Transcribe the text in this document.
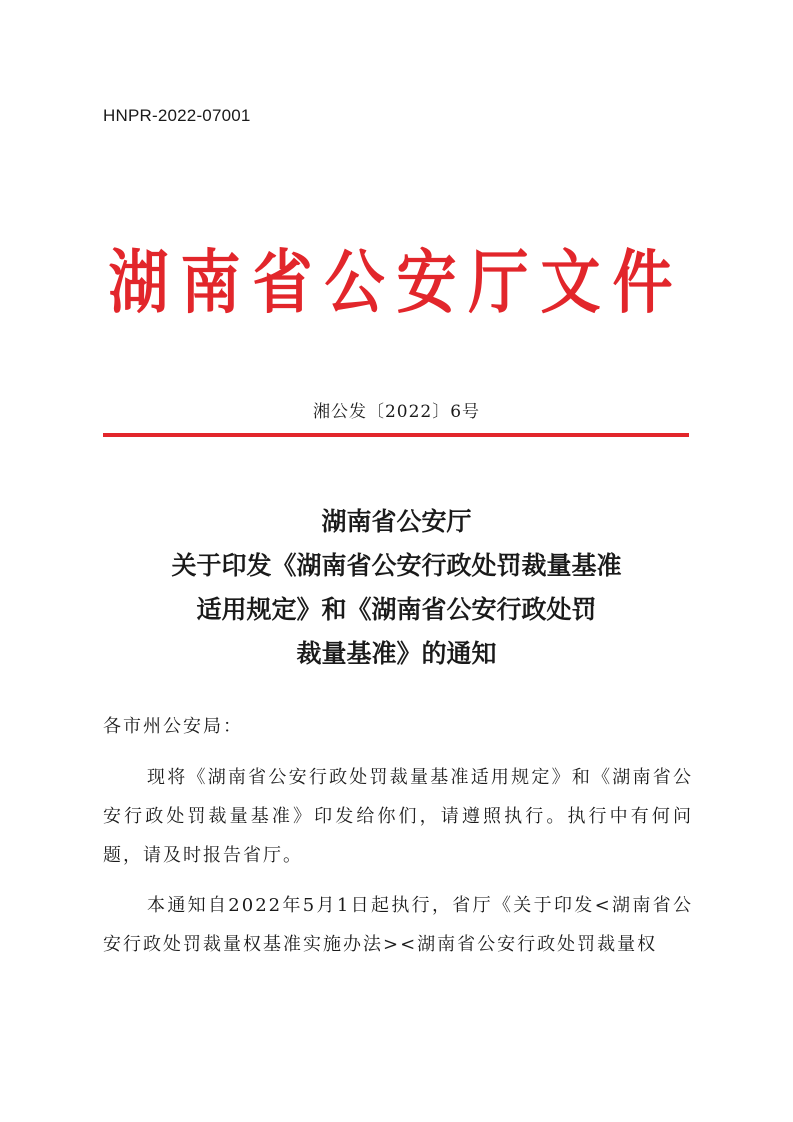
HNPR-2022-07001
湖南省公安厅文件
湘公发〔2022〕6号
湖南省公安厅
关于印发《湖南省公安行政处罚裁量基准
适用规定》和《湖南省公安行政处罚
裁量基准》的通知
各市州公安局：

现将《湖南省公安行政处罚裁量基准适用规定》和《湖南省公安行政处罚裁量基准》印发给你们，请遵照执行。执行中有何问题，请及时报告省厅。

本通知自2022年5月1日起执行，省厅《关于印发<湖南省公安行政处罚裁量权基准实施办法><湖南省公安行政处罚裁量权
